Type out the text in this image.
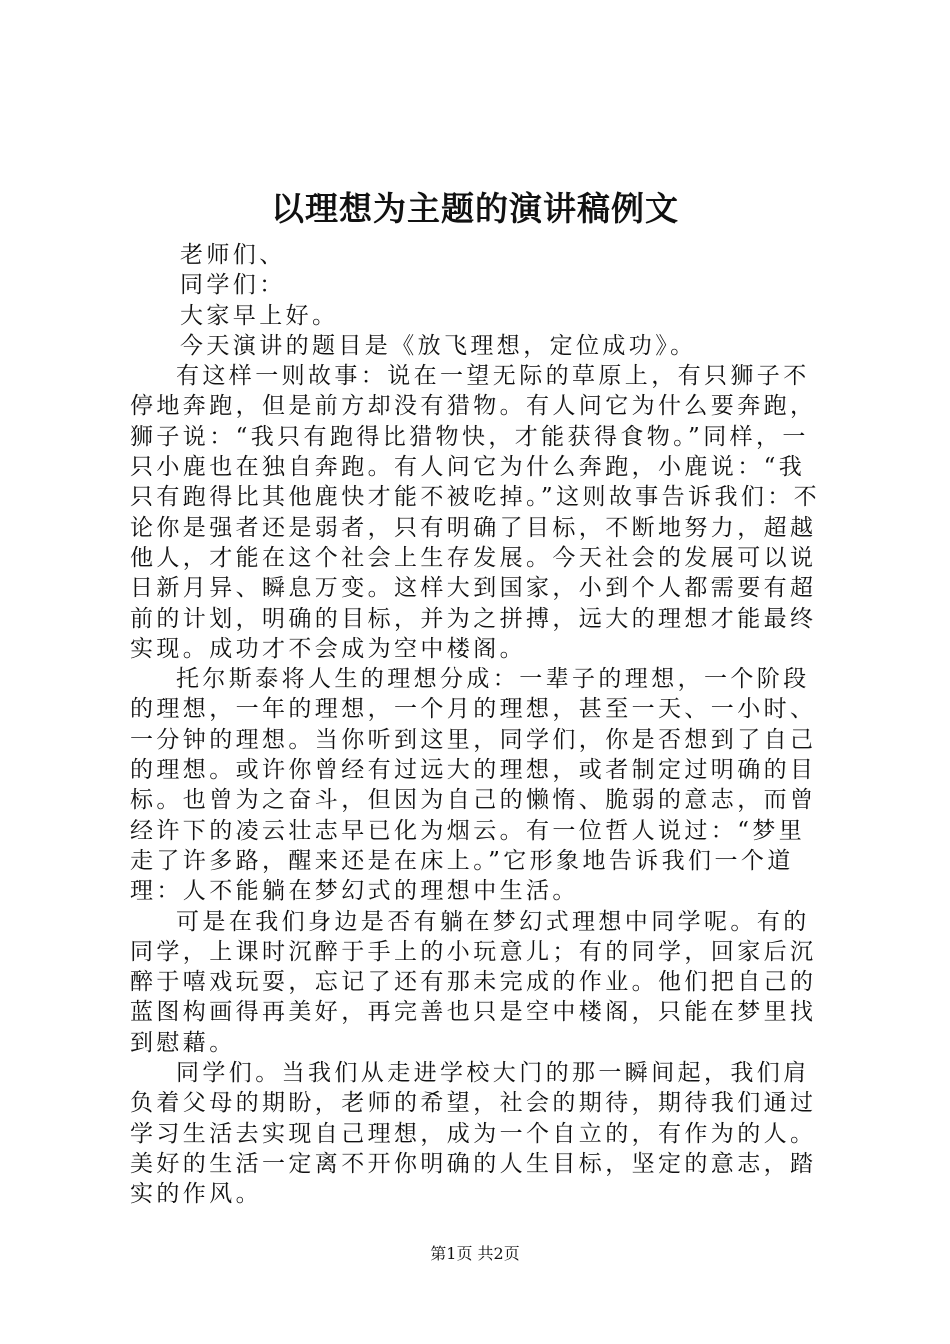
以理想为主题的演讲稿例文

老师们、

同学们：

大家早上好。

今天演讲的题目是《放飞理想，定位成功》。

有这样一则故事：说在一望无际的草原上，有只狮子不停地奔跑，但是前方却没有猎物。有人问它为什么要奔跑，狮子说：“我只有跑得比猎物快，才能获得食物。”同样，一只小鹿也在独自奔跑。有人问它为什么奔跑，小鹿说：“我只有跑得比其他鹿快才能不被吃掉。”这则故事告诉我们：不论你是强者还是弱者，只有明确了目标，不断地努力，超越他人，才能在这个社会上生存发展。今天社会的发展可以说日新月异、瞬息万变。这样大到国家，小到个人都需要有超前的计划，明确的目标，并为之拼搏，远大的理想才能最终实现。成功才不会成为空中楼阁。

托尔斯泰将人生的理想分成：一辈子的理想，一个阶段的理想，一年的理想，一个月的理想，甚至一天、一小时、一分钟的理想。当你听到这里，同学们，你是否想到了自己的理想。或许你曾经有过远大的理想，或者制定过明确的目标。也曾为之奋斗，但因为自己的懒惰、脆弱的意志，而曾经许下的凌云壮志早已化为烟云。有一位哲人说过：“梦里走了许多路，醒来还是在床上。”它形象地告诉我们一个道理：人不能躺在梦幻式的理想中生活。

可是在我们身边是否有躺在梦幻式理想中同学呢。有的同学，上课时沉醉于手上的小玩意儿；有的同学，回家后沉醉于嘻戏玩耍，忘记了还有那未完成的作业。他们把自己的蓝图构画得再美好，再完善也只是空中楼阁，只能在梦里找到慰藉。

同学们。当我们从走进学校大门的那一瞬间起，我们肩负着父母的期盼，老师的希望，社会的期待，期待我们通过学习生活去实现自己理想，成为一个自立的，有作为的人。美好的生活一定离不开你明确的人生目标，坚定的意志，踏实的作风。

第1页 共2页
